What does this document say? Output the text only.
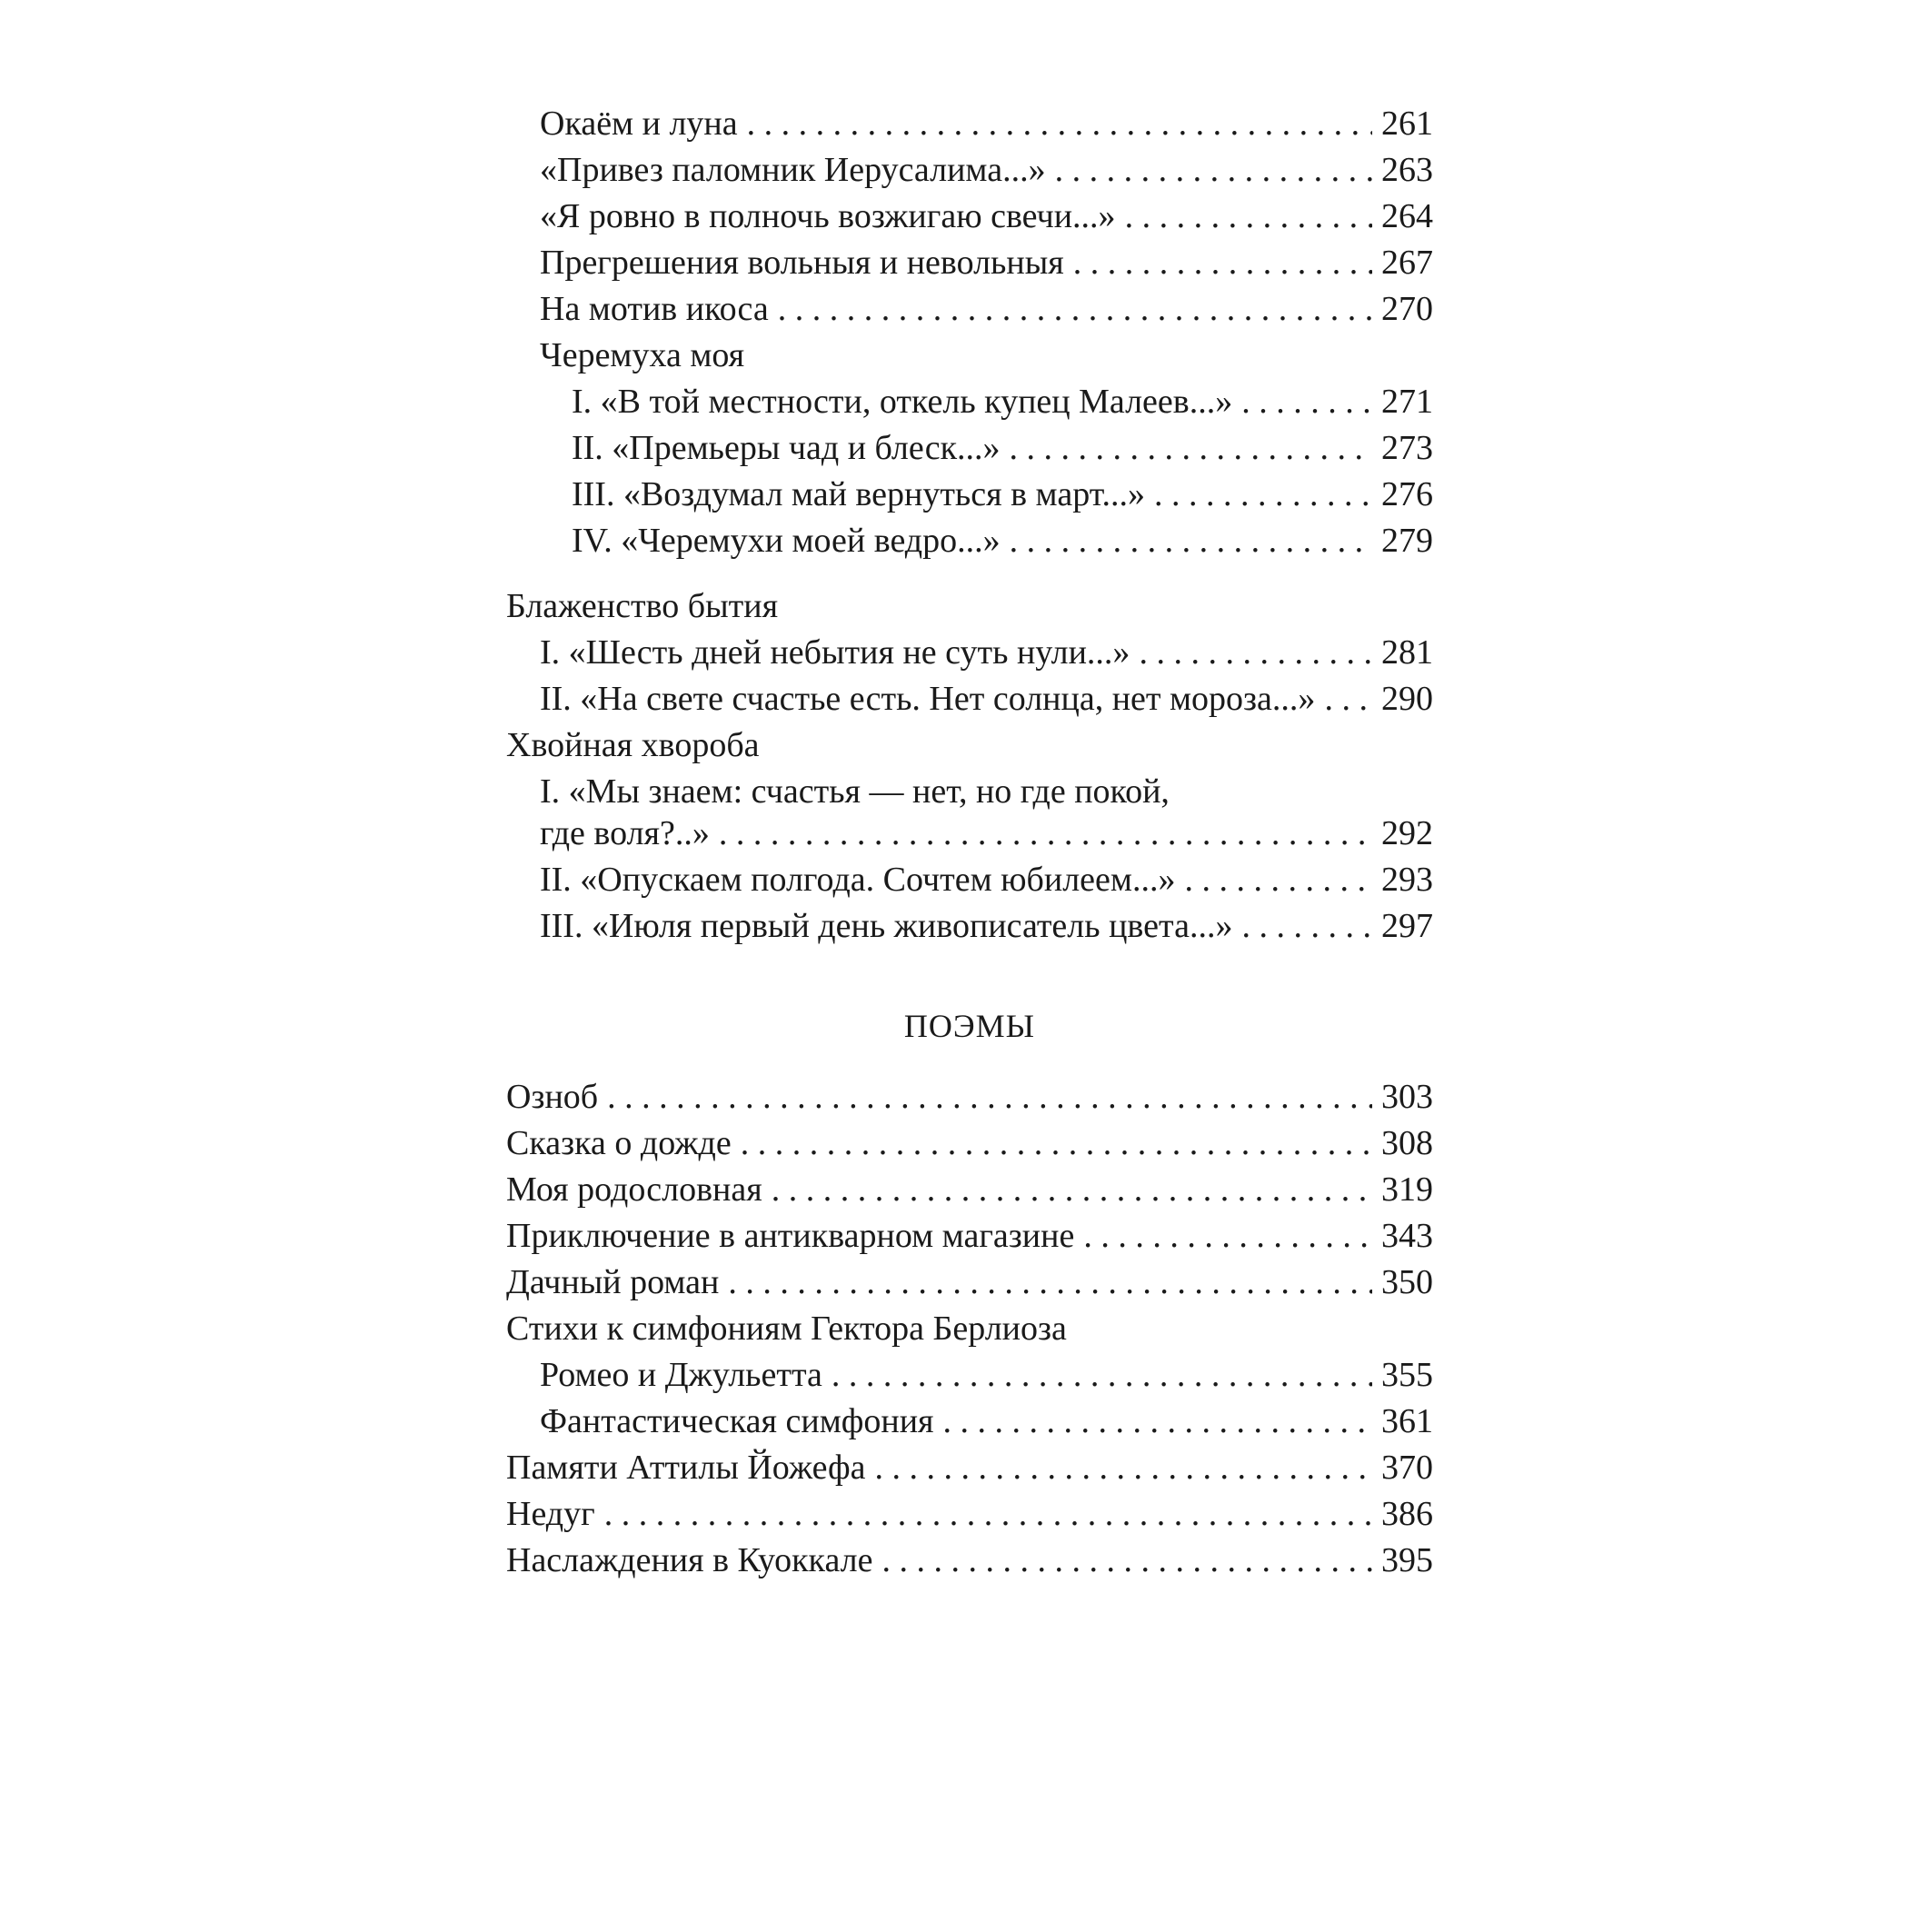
Окаём и луна . . .	261
«Привез паломник Иерусалима...» . . .	263
«Я ровно в полночь возжигаю свечи...» . . .	264
Прегрешения вольныя и невольныя . . .	267
На мотив икоса . . .	270
Черемуха моя
I. «В той местности, откель купец Малеев...» . . .	271
II. «Премьеры чад и блеск...» . . .	273
III. «Воздумал май вернуться в март...» . . .	276
IV. «Черемухи моей ведро...» . . .	279
Блаженство бытия
I. «Шесть дней небытия не суть нули...» . . .	281
II. «На свете счастье есть. Нет солнца, нет мороза...» . . . 290
Хвойная хвороба
I. «Мы знаем: счастья — нет, но где покой,
где воля?..» . . .	292
II. «Опускаем полгода. Сочтем юбилеем...» . . .	293
III. «Июля первый день живописатель цвета...» . . .	297
ПОЭМЫ
Озноб . . .	303
Сказка о дожде . . .	308
Моя родословная . . .	319
Приключение в антикварном магазине . . .	343
Дачный роман . . .	350
Стихи к симфониям Гектора Берлиоза
Ромео и Джульетта . . .	355
Фантастическая симфония . . .	361
Памяти Аттилы Йожефа . . .	370
Недуг . . .	386
Наслаждения в Куоккале . . .	395
